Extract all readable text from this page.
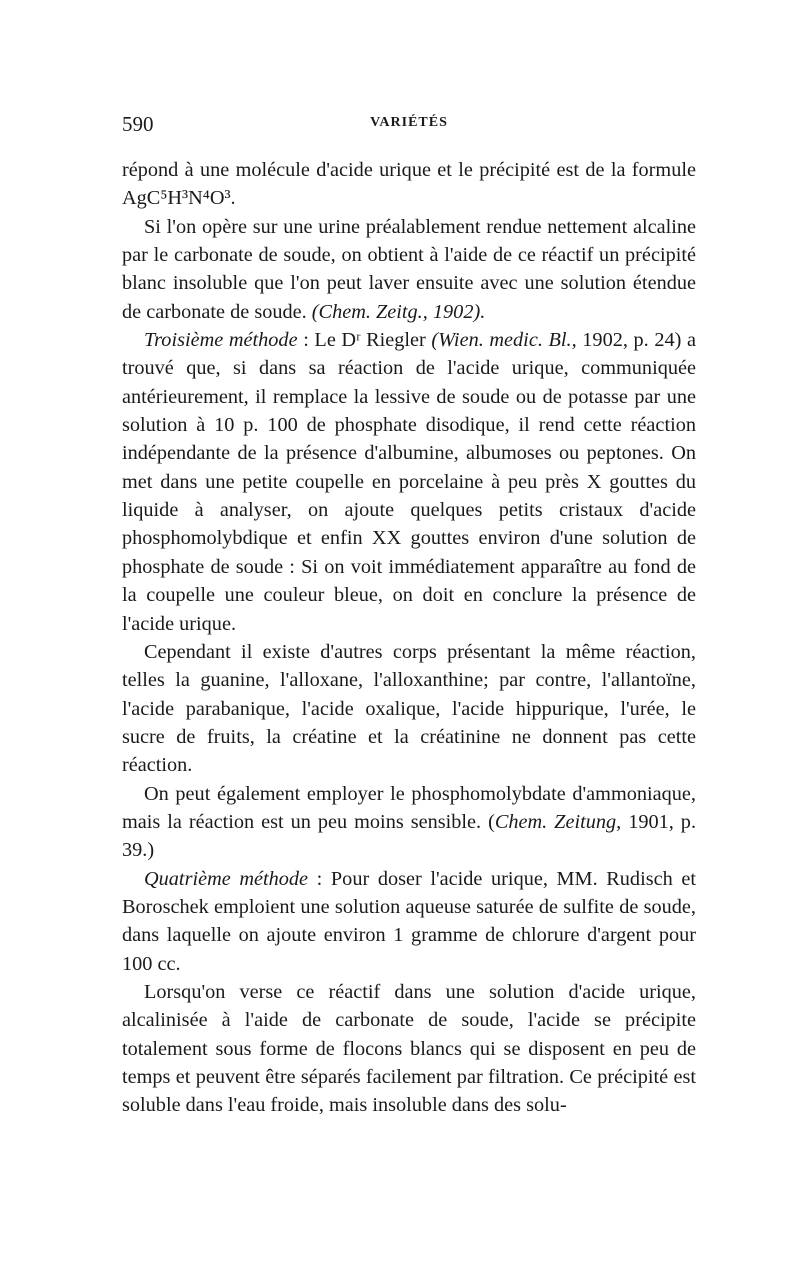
590	VARIÉTÉS

répond à une molécule d'acide urique et le précipité est de la formule AgC⁵H³N⁴O³.

Si l'on opère sur une urine préalablement rendue nettement alcaline par le carbonate de soude, on obtient à l'aide de ce réactif un précipité blanc insoluble que l'on peut laver ensuite avec une solution étendue de carbonate de soude. (Chem. Zeitg., 1902).

Troisième méthode : Le Dʳ Riegler (Wien. medic. Bl., 1902, p. 24) a trouvé que, si dans sa réaction de l'acide urique, communiquée antérieurement, il remplace la lessive de soude ou de potasse par une solution à 10 p. 100 de phosphate disodique, il rend cette réaction indépendante de la présence d'albumine, albumoses ou peptones. On met dans une petite coupelle en porcelaine à peu près X gouttes du liquide à analyser, on ajoute quelques petits cristaux d'acide phosphomolybdique et enfin XX gouttes environ d'une solution de phosphate de soude : Si on voit immédiatement apparaître au fond de la coupelle une couleur bleue, on doit en conclure la présence de l'acide urique.

Cependant il existe d'autres corps présentant la même réaction, telles la guanine, l'alloxane, l'alloxanthine; par contre, l'allantoïne, l'acide parabanique, l'acide oxalique, l'acide hippurique, l'urée, le sucre de fruits, la créatine et la créatinine ne donnent pas cette réaction.

On peut également employer le phosphomolybdate d'ammoniaque, mais la réaction est un peu moins sensible. (Chem. Zeitung, 1901, p. 39.)

Quatrième méthode : Pour doser l'acide urique, MM. Rudisch et Boroschek emploient une solution aqueuse saturée de sulfite de soude, dans laquelle on ajoute environ 1 gramme de chlorure d'argent pour 100 cc.

Lorsqu'on verse ce réactif dans une solution d'acide urique, alcalinisée à l'aide de carbonate de soude, l'acide se précipite totalement sous forme de flocons blancs qui se disposent en peu de temps et peuvent être séparés facilement par filtration. Ce précipité est soluble dans l'eau froide, mais insoluble dans des solu-
